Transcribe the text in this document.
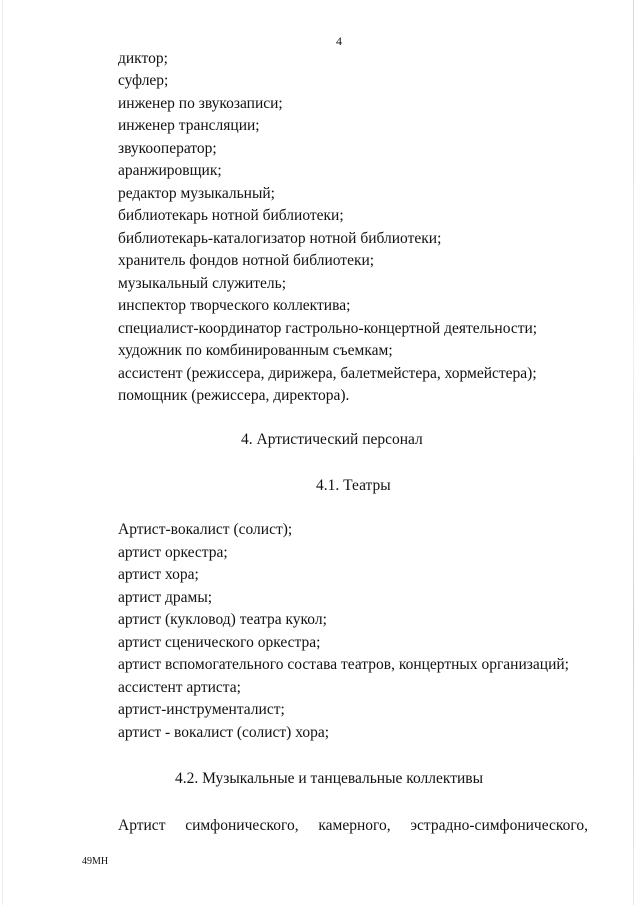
4
диктор;
суфлер;
инженер по звукозаписи;
инженер трансляции;
звукооператор;
аранжировщик;
редактор музыкальный;
библиотекарь нотной библиотеки;
библиотекарь-каталогизатор нотной библиотеки;
хранитель фондов нотной библиотеки;
музыкальный служитель;
инспектор творческого коллектива;
специалист-координатор гастрольно-концертной деятельности;
художник по комбинированным съемкам;
ассистент (режиссера, дирижера, балетмейстера, хормейстера);
помощник (режиссера, директора).
4. Артистический персонал
4.1. Театры
Артист-вокалист (солист);
артист оркестра;
артист хора;
артист драмы;
артист (кукловод) театра кукол;
артист сценического оркестра;
артист вспомогательного состава театров, концертных организаций;
ассистент артиста;
артист-инструменталист;
артист - вокалист (солист) хора;
4.2. Музыкальные и танцевальные коллективы
Артист симфонического, камерного, эстрадно-симфонического,
49МН
